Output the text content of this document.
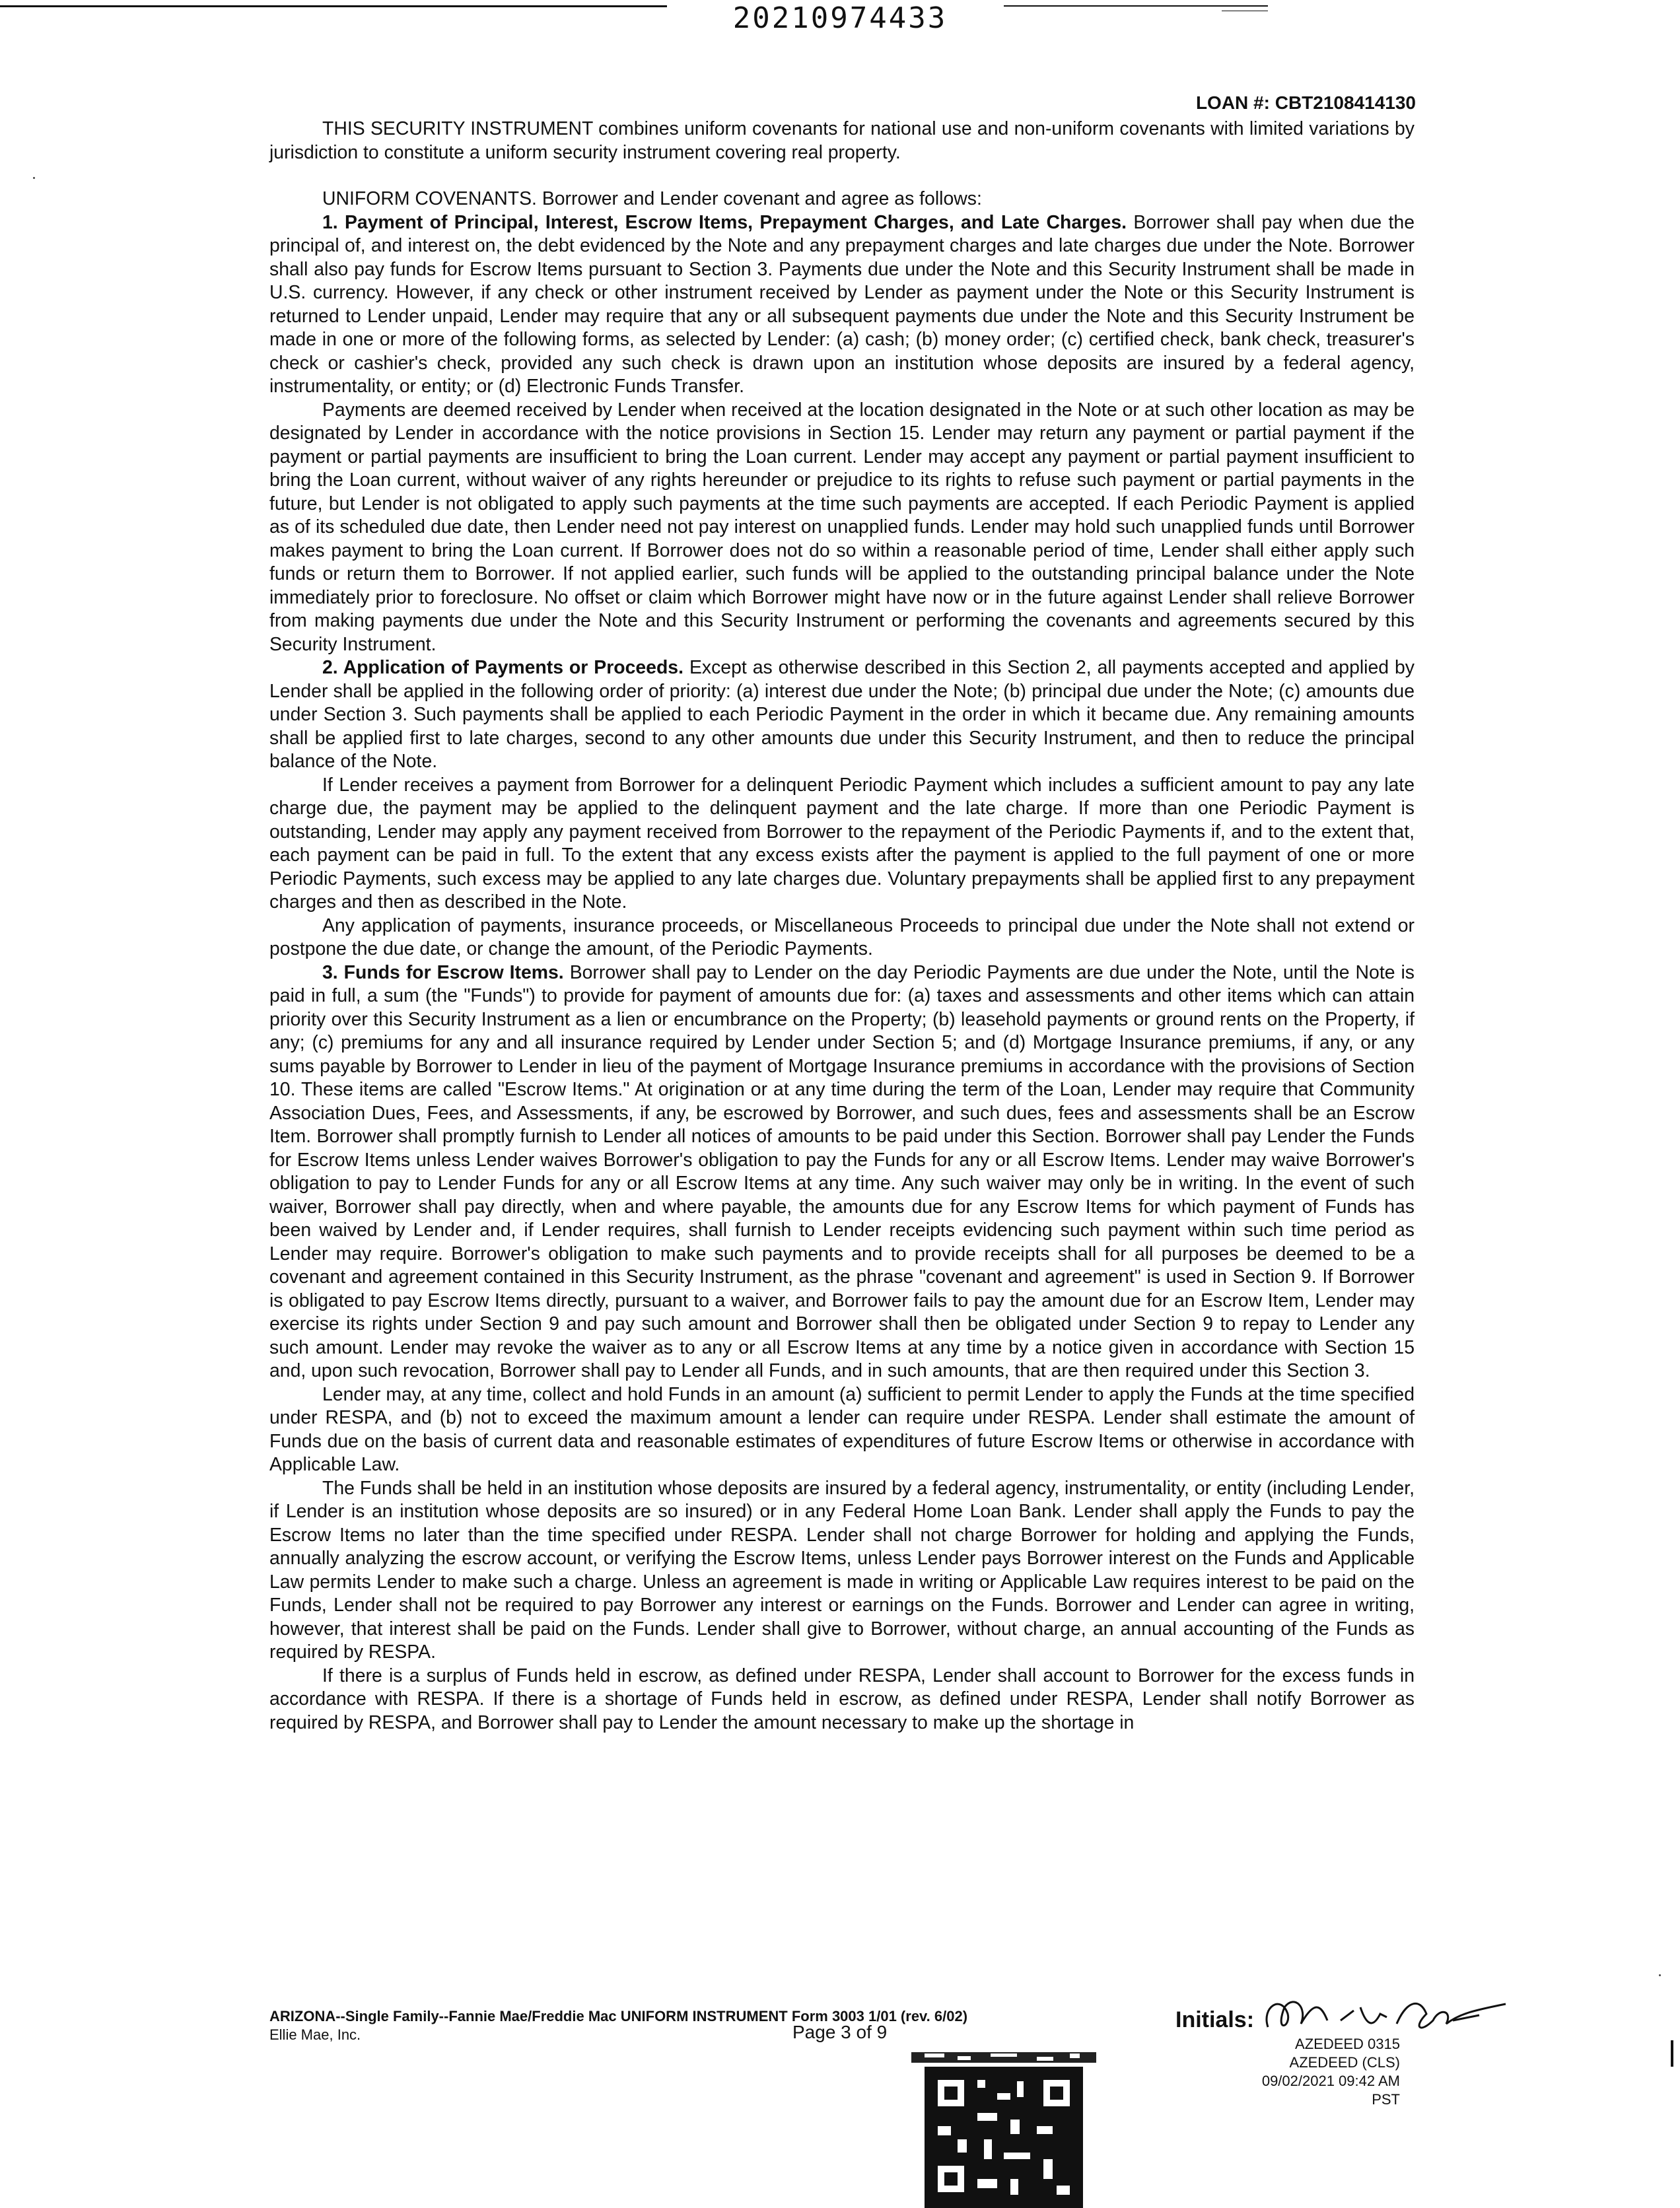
20210974433
LOAN #: CBT2108414130

THIS SECURITY INSTRUMENT combines uniform covenants for national use and non-uniform covenants with limited variations by jurisdiction to constitute a uniform security instrument covering real property.

UNIFORM COVENANTS. Borrower and Lender covenant and agree as follows:

1. Payment of Principal, Interest, Escrow Items, Prepayment Charges, and Late Charges. Borrower shall pay when due the principal of, and interest on, the debt evidenced by the Note and any prepayment charges and late charges due under the Note. Borrower shall also pay funds for Escrow Items pursuant to Section 3. Payments due under the Note and this Security Instrument shall be made in U.S. currency. However, if any check or other instrument received by Lender as payment under the Note or this Security Instrument is returned to Lender unpaid, Lender may require that any or all subsequent payments due under the Note and this Security Instrument be made in one or more of the following forms, as selected by Lender: (a) cash; (b) money order; (c) certified check, bank check, treasurer's check or cashier's check, provided any such check is drawn upon an institution whose deposits are insured by a federal agency, instrumentality, or entity; or (d) Electronic Funds Transfer.

Payments are deemed received by Lender when received at the location designated in the Note or at such other location as may be designated by Lender in accordance with the notice provisions in Section 15. Lender may return any payment or partial payment if the payment or partial payments are insufficient to bring the Loan current. Lender may accept any payment or partial payment insufficient to bring the Loan current, without waiver of any rights hereunder or prejudice to its rights to refuse such payment or partial payments in the future, but Lender is not obligated to apply such payments at the time such payments are accepted. If each Periodic Payment is applied as of its scheduled due date, then Lender need not pay interest on unapplied funds. Lender may hold such unapplied funds until Borrower makes payment to bring the Loan current. If Borrower does not do so within a reasonable period of time, Lender shall either apply such funds or return them to Borrower. If not applied earlier, such funds will be applied to the outstanding principal balance under the Note immediately prior to foreclosure. No offset or claim which Borrower might have now or in the future against Lender shall relieve Borrower from making payments due under the Note and this Security Instrument or performing the covenants and agreements secured by this Security Instrument.

2. Application of Payments or Proceeds. Except as otherwise described in this Section 2, all payments accepted and applied by Lender shall be applied in the following order of priority: (a) interest due under the Note; (b) principal due under the Note; (c) amounts due under Section 3. Such payments shall be applied to each Periodic Payment in the order in which it became due. Any remaining amounts shall be applied first to late charges, second to any other amounts due under this Security Instrument, and then to reduce the principal balance of the Note.

If Lender receives a payment from Borrower for a delinquent Periodic Payment which includes a sufficient amount to pay any late charge due, the payment may be applied to the delinquent payment and the late charge. If more than one Periodic Payment is outstanding, Lender may apply any payment received from Borrower to the repayment of the Periodic Payments if, and to the extent that, each payment can be paid in full. To the extent that any excess exists after the payment is applied to the full payment of one or more Periodic Payments, such excess may be applied to any late charges due. Voluntary prepayments shall be applied first to any prepayment charges and then as described in the Note.

Any application of payments, insurance proceeds, or Miscellaneous Proceeds to principal due under the Note shall not extend or postpone the due date, or change the amount, of the Periodic Payments.

3. Funds for Escrow Items. Borrower shall pay to Lender on the day Periodic Payments are due under the Note, until the Note is paid in full, a sum (the "Funds") to provide for payment of amounts due for: (a) taxes and assessments and other items which can attain priority over this Security Instrument as a lien or encumbrance on the Property; (b) leasehold payments or ground rents on the Property, if any; (c) premiums for any and all insurance required by Lender under Section 5; and (d) Mortgage Insurance premiums, if any, or any sums payable by Borrower to Lender in lieu of the payment of Mortgage Insurance premiums in accordance with the provisions of Section 10. These items are called "Escrow Items." At origination or at any time during the term of the Loan, Lender may require that Community Association Dues, Fees, and Assessments, if any, be escrowed by Borrower, and such dues, fees and assessments shall be an Escrow Item. Borrower shall promptly furnish to Lender all notices of amounts to be paid under this Section. Borrower shall pay Lender the Funds for Escrow Items unless Lender waives Borrower's obligation to pay the Funds for any or all Escrow Items. Lender may waive Borrower's obligation to pay to Lender Funds for any or all Escrow Items at any time. Any such waiver may only be in writing. In the event of such waiver, Borrower shall pay directly, when and where payable, the amounts due for any Escrow Items for which payment of Funds has been waived by Lender and, if Lender requires, shall furnish to Lender receipts evidencing such payment within such time period as Lender may require. Borrower's obligation to make such payments and to provide receipts shall for all purposes be deemed to be a covenant and agreement contained in this Security Instrument, as the phrase "covenant and agreement" is used in Section 9. If Borrower is obligated to pay Escrow Items directly, pursuant to a waiver, and Borrower fails to pay the amount due for an Escrow Item, Lender may exercise its rights under Section 9 and pay such amount and Borrower shall then be obligated under Section 9 to repay to Lender any such amount. Lender may revoke the waiver as to any or all Escrow Items at any time by a notice given in accordance with Section 15 and, upon such revocation, Borrower shall pay to Lender all Funds, and in such amounts, that are then required under this Section 3.

Lender may, at any time, collect and hold Funds in an amount (a) sufficient to permit Lender to apply the Funds at the time specified under RESPA, and (b) not to exceed the maximum amount a lender can require under RESPA. Lender shall estimate the amount of Funds due on the basis of current data and reasonable estimates of expenditures of future Escrow Items or otherwise in accordance with Applicable Law.

The Funds shall be held in an institution whose deposits are insured by a federal agency, instrumentality, or entity (including Lender, if Lender is an institution whose deposits are so insured) or in any Federal Home Loan Bank. Lender shall apply the Funds to pay the Escrow Items no later than the time specified under RESPA. Lender shall not charge Borrower for holding and applying the Funds, annually analyzing the escrow account, or verifying the Escrow Items, unless Lender pays Borrower interest on the Funds and Applicable Law permits Lender to make such a charge. Unless an agreement is made in writing or Applicable Law requires interest to be paid on the Funds, Lender shall not be required to pay Borrower any interest or earnings on the Funds. Borrower and Lender can agree in writing, however, that interest shall be paid on the Funds. Lender shall give to Borrower, without charge, an annual accounting of the Funds as required by RESPA.

If there is a surplus of Funds held in escrow, as defined under RESPA, Lender shall account to Borrower for the excess funds in accordance with RESPA. If there is a shortage of Funds held in escrow, as defined under RESPA, Lender shall notify Borrower as required by RESPA, and Borrower shall pay to Lender the amount necessary to make up the shortage in

ARIZONA--Single Family--Fannie Mae/Freddie Mac UNIFORM INSTRUMENT Form 3003 1/01 (rev. 6/02)
Ellie Mae, Inc.	Page 3 of 9	Initials:
AZEDEED 0315
AZEDEED (CLS)
09/02/2021 09:42 AM PST
